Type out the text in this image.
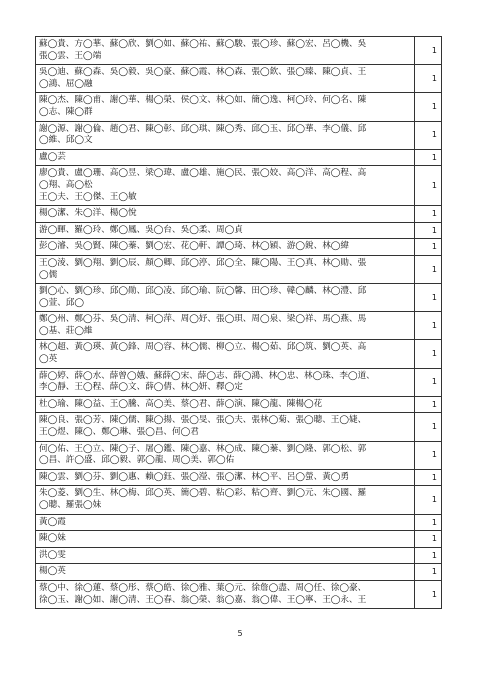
蘇◯貴、方◯華、蘇◯欣、劉◯如、蘇◯祐、蘇◯駿、張◯珍、蘇◯宏、呂◯機、吳
張◯雲、王◯端	1

吳◯迪、蘇◯森、吳◯毅、吳◯豪、蘇◯霞、林◯森、張◯欽、張◯臻、陳◯貞、王
◯鴻、屈◯融	1

陳◯杰、陳◯甫、謝◯華、楊◯榮、侯◯文、林◯如、簡◯逸、柯◯玲、何◯名、陳
◯志、陳◯群	1

謝◯源、謝◯倫、趙◯君、陳◯彰、邱◯琪、陳◯秀、邱◯玉、邱◯華、李◯儀、邱
◯維、邱◯文	1

盧◯芸	1

廖◯貴、盧◯珊、高◯昱、梁◯瑋、盧◯雄、施◯民、張◯姣、高◯洋、高◯程、高
◯翔、高◯松
王◯夫、王◯傑、王◯敏	1

楊◯潔、朱◯洋、楊◯悅	1

游◯暉、羅◯玲、鄭◯鳳、吳◯台、吳◯柔、周◯貞	1

彭◯濬、吳◯賢、陳◯蓁、劉◯宏、花◯軒、譚◯琦、林◯穎、游◯銳、林◯緯	1

王◯淩、劉◯翔、劉◯辰、顏◯卿、邱◯渟、邱◯全、陳◯陽、王◯真、林◯勛、張
◯儒	1

劉◯心、劉◯珍、邱◯勛、邱◯凌、邱◯瑜、阮◯馨、田◯珍、韓◯麟、林◯澧、邱
◯萱、邱◯	1

鄭◯州、鄭◯芬、吳◯清、柯◯萍、周◯妤、張◯珼、周◯泉、梁◯祥、馬◯燕、馬
◯基、莊◯維	1

林◯超、黃◯瑛、黃◯鋒、周◯容、林◯儒、柳◯立、楊◯茹、邱◯筑、劉◯英、高
◯英	1

薛◯婷、薛◯水、薛曾◯娥、蘇薛◯宋、薛◯志、薛◯鴻、林◯忠、林◯珠、李◯道、
李◯靜、王◯程、薛◯文、薛◯倩、林◯妍、釋◯定	1

杜◯瑜、陳◯益、王◯騰、高◯美、蔡◯君、薛◯演、陳◯龍、陳楊◯花	1

陳◯良、張◯芳、陳◯儒、陳◯揚、張◯旻、張◯夫、張林◯菊、張◯聰、王◯婕、
王◯煜、陳◯、鄭◯琳、張◯昌、何◯君	1

何◯佑、王◯立、陳◯子、屠◯鑑、陳◯嘉、林◯成、陳◯蓁、劉◯隆、郭◯松、郭
◯昌、許◯盛、邱◯毅、郭◯龍、周◯美、郭◯佑	1

陳◯雲、劉◯芬、劉◯惠、賴◯鈺、張◯瀅、張◯潔、林◯平、呂◯螢、黃◯勇	1

朱◯菱、劉◯生、林◯梅、邱◯英、簡◯碧、粘◯彩、粘◯齊、劉◯元、朱◯國、羅
◯聰、羅張◯妹	1

黃◯霞	1

陳◯妹	1

洪◯雯	1

楊◯英	1

蔡◯中、徐◯蓮、蔡◯彤、蔡◯皓、徐◯雅、葉◯元、徐詹◯盡、周◯任、徐◯豪、
徐◯玉、謝◯如、謝◯清、王◯春、翁◯榮、翁◯嘉、翁◯偉、王◯寧、王◯永、王	1
5
